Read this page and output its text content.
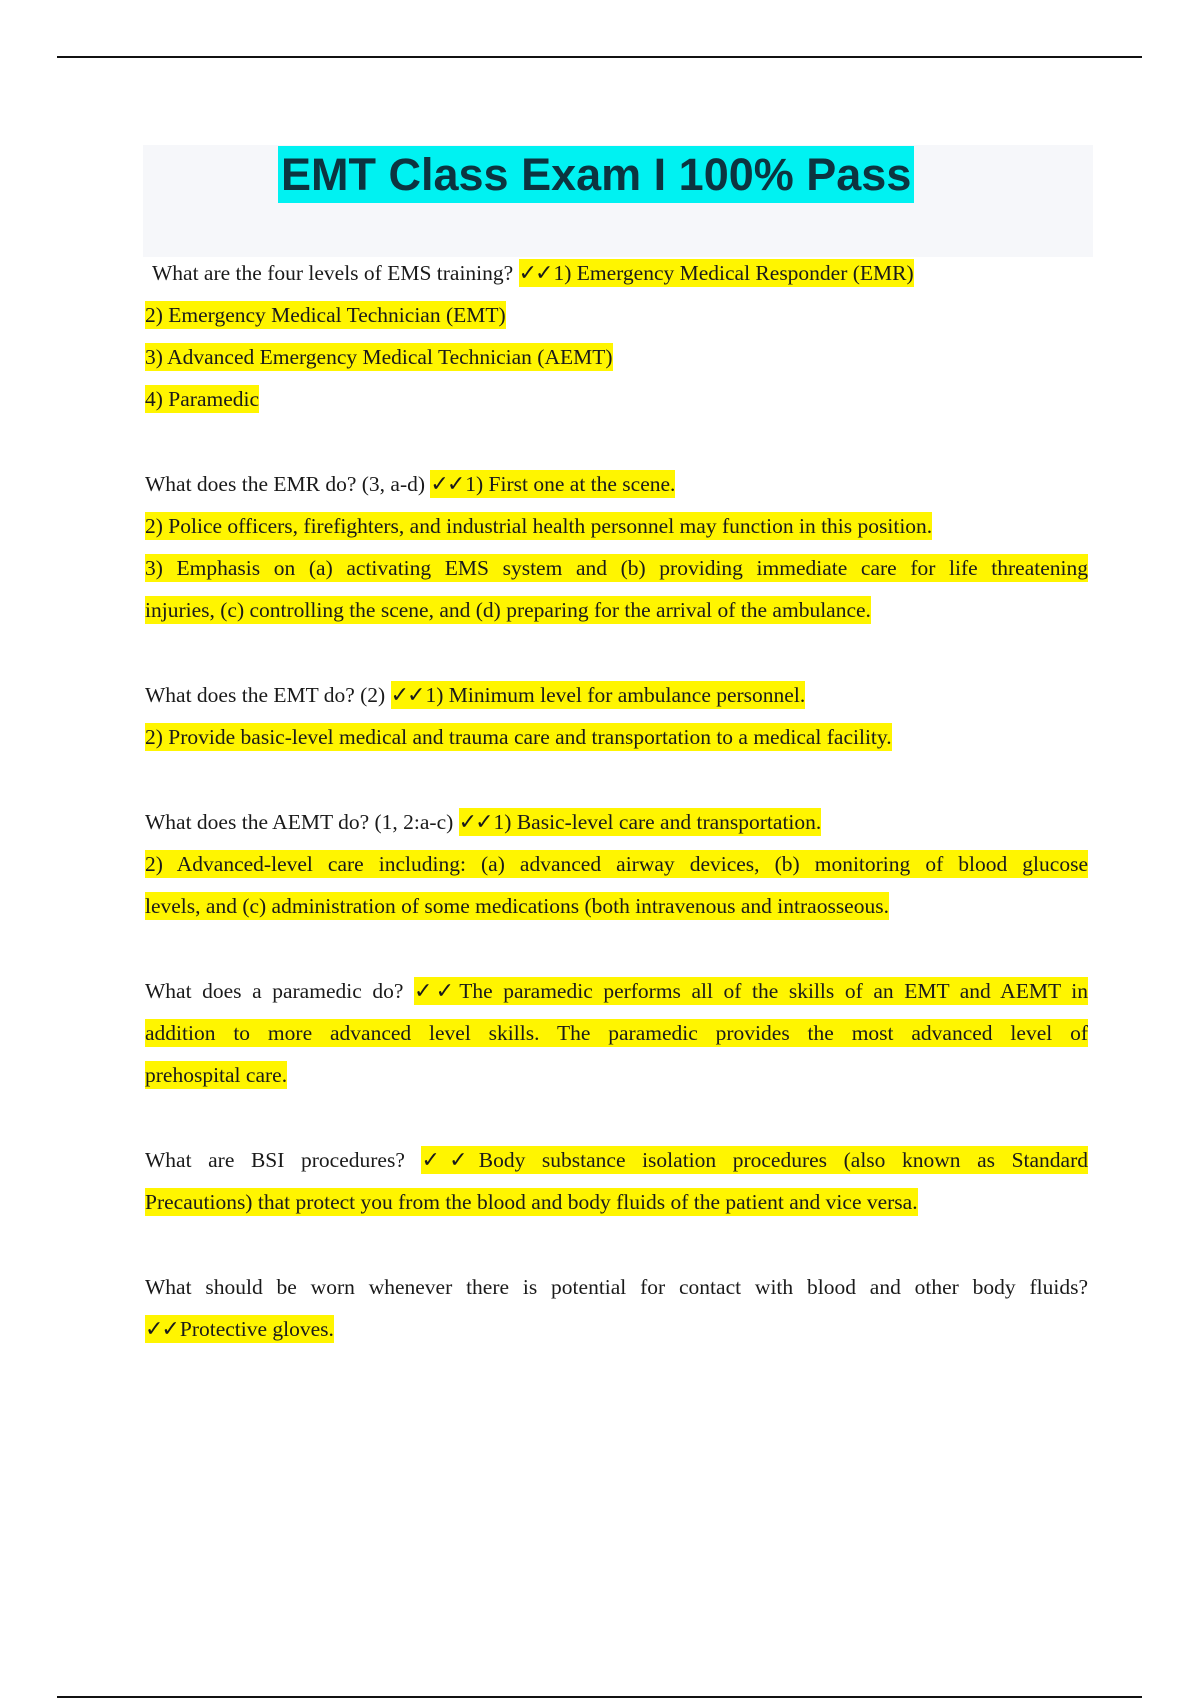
EMT Class Exam I 100% Pass
What are the four levels of EMS training? ✓✓1) Emergency Medical Responder (EMR)
2) Emergency Medical Technician (EMT)
3) Advanced Emergency Medical Technician (AEMT)
4) Paramedic
What does the EMR do? (3, a-d) ✓✓1) First one at the scene.
2) Police officers, firefighters, and industrial health personnel may function in this position.
3) Emphasis on (a) activating EMS system and (b) providing immediate care for life threatening
injuries, (c) controlling the scene, and (d) preparing for the arrival of the ambulance.
What does the EMT do? (2) ✓✓1) Minimum level for ambulance personnel.
2) Provide basic-level medical and trauma care and transportation to a medical facility.
What does the AEMT do? (1, 2:a-c) ✓✓1) Basic-level care and transportation.
2) Advanced-level care including: (a) advanced airway devices, (b) monitoring of blood glucose
levels, and (c) administration of some medications (both intravenous and intraosseous.
What does a paramedic do? ✓✓The paramedic performs all of the skills of an EMT and AEMT in
addition to more advanced level skills. The paramedic provides the most advanced level of
prehospital care.
What are BSI procedures? ✓✓Body substance isolation procedures (also known as Standard
Precautions) that protect you from the blood and body fluids of the patient and vice versa.
What should be worn whenever there is potential for contact with blood and other body fluids?
✓✓Protective gloves.
